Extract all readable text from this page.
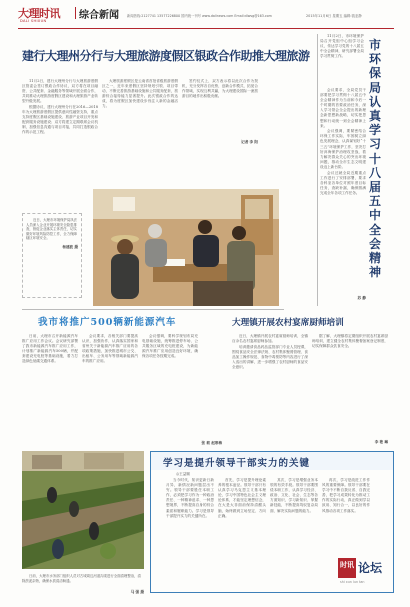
大理时讯
DALI SHIXUN	综合新闻 新闻热线:2127741 13577226800 国内统一刊号 www.dalinews.com Email:dlwsg@163.com	2015年11月6日 星期五 编辑:钱亚静
建行大理州分行与大理旅游度假区银政合作助推大理旅游

11月2日，建行大理州分行与大理旅游度假区管委会签订银政合作协议，双方将在项目融资、公共配套、金融服务等领域开展全面合作，共同推动大理旅游度假区建设和大理旅游产业转型升级发展。

根据协议，建行大理州分行在2016—2018年为大理旅游度假区提供意向性融资支持，重点支持度假区基础设施建设、旅游产业项目开发和配套服务设施建设；双方将建立定期联席会议机制，加强信息沟通与项目对接，共同打造银政合作的示范工程。

大理旅游度假区是云南省首批省级旅游度假区之一，近年来度假区坚持规划引领、项目带动，不断完善旅游基础设施和公共服务配套，旅游综合接待能力显著提升。此次银政合作的达成，将为度假区加快建设步伐注入新的金融活力。

签约仪式上，双方表示将以此次合作为契机，充分发挥各自优势，创新合作模式，拓宽合作领域，实现互利共赢，为大理建设国际一流旅游目的地作出积极贡献。

记者 李 阳
近日，大理市环境保护局执法人员深入企业开展环境安全隐患排查，督促企业落实主体责任，切实做好环境风险防控工作，全力保障辖区环境安全。
杨建波 摄
我市将推广500辆新能源汽车

日前，大理市召开新能源汽车推广应用工作会议。会议研究部署了我市新能源汽车推广应用工作，计划推广新能源汽车500辆，并配套建设充电桩等基础设施，着力打造绿色低碳交通体系。

会议要求，各相关部门要提高认识，加强协作，认真落实国家和省州关于新能源汽车推广应用的各项政策措施，加快推进城市公交、出租车、公务用车等领域新能源汽车的推广应用。

会议强调，要科学规划布局充电基础设施，统筹推进停车场、公共服务区域的充电桩建设，为新能源汽车推广应用创造良好环境，确保各项任务按期完成。

张 莉 赵寒梅
大理镇开展农村宴席厨师培训

近日，大理镇开展农村宴席厨师培训，全镇百余名农村宴席厨师参加。

培训邀请食品药品监管部门专业人员授课，围绕食品安全法律法规、农村集体聚餐管理、食品加工操作规范、食物中毒预防等内容进行了深入浅出的讲解，进一步增强了农村厨师的食品安全意识。

据了解，大理镇将定期组织开展农村宴席厨师培训，建立健全农村集体聚餐备案登记制度，切实保障群众饮食安全。

李 艳 琳

11月2日，市环境保护局召开党组中心组学习会议，传达学习党的十八届五中全会精神，研究部署全局学习贯彻工作。

市环保局认真学习十八届五中全会精神

会议要求，全局党员干部要把学习贯彻十八届五中全会精神作为当前和今后一个时期的首要政治任务，深入学习领会全会提出的新理念新思想新战略，切实把思想和行动统一到全会精神上来。

会议强调，要紧密结合环保工作实际，牢固树立绿色发展理念，认真谋划好“十三五”环境保护工作，坚决打好洱海保护治理攻坚战，着力解决群众关心的突出环境问题，推动全市生态文明建设迈上新台阶。

会议还就全局近期重点工作进行了安排部署，要求各科室各单位对照年度目标任务，查缺补漏，确保圆满完成全年各项工作任务。

苏 静
日前，大理市水务部门组织人员对古城周边河道沟渠进行全面清理整治，清除淤泥杂物，确保水质清洁畅通。
马 强 摄
学习是提升领导干部实力的关键
◎王益顺

当今时代，知识更新日新月异，新情况新问题层出不穷。领导干部要胜任本职工作，必须把学习作为一种政治责任、一种精神追求、一种思想境界，不断提高自身的综合素质和履职能力。学习是领导干部提升实力的关键所在。

首先，学习是提升理论素养的根本途径。领导干部只有认真学习马克思主义基本理论，学习中国特色社会主义理论体系，才能坚定理想信念，在大是大非面前保持清醒头脑，始终做到立场坚定、方向正确。

其次，学习是增强业务本领的有效手段。领导干部要围绕本职工作，认真学习经济、政治、文化、社会、生态等各方面知识，学习新知识、掌握新技能，不断提高驾驭复杂局面、解决实际问题的能力。

再次，学习是改进工作作风的重要保障。领导干部要在学习中不断自我反省、自我完善，把学习成果转化为推动工作的实际行动，真正做到学以致用、知行合一，以良好的作风推动各项工作落实。

时讯 论坛
shi xun lun tan
